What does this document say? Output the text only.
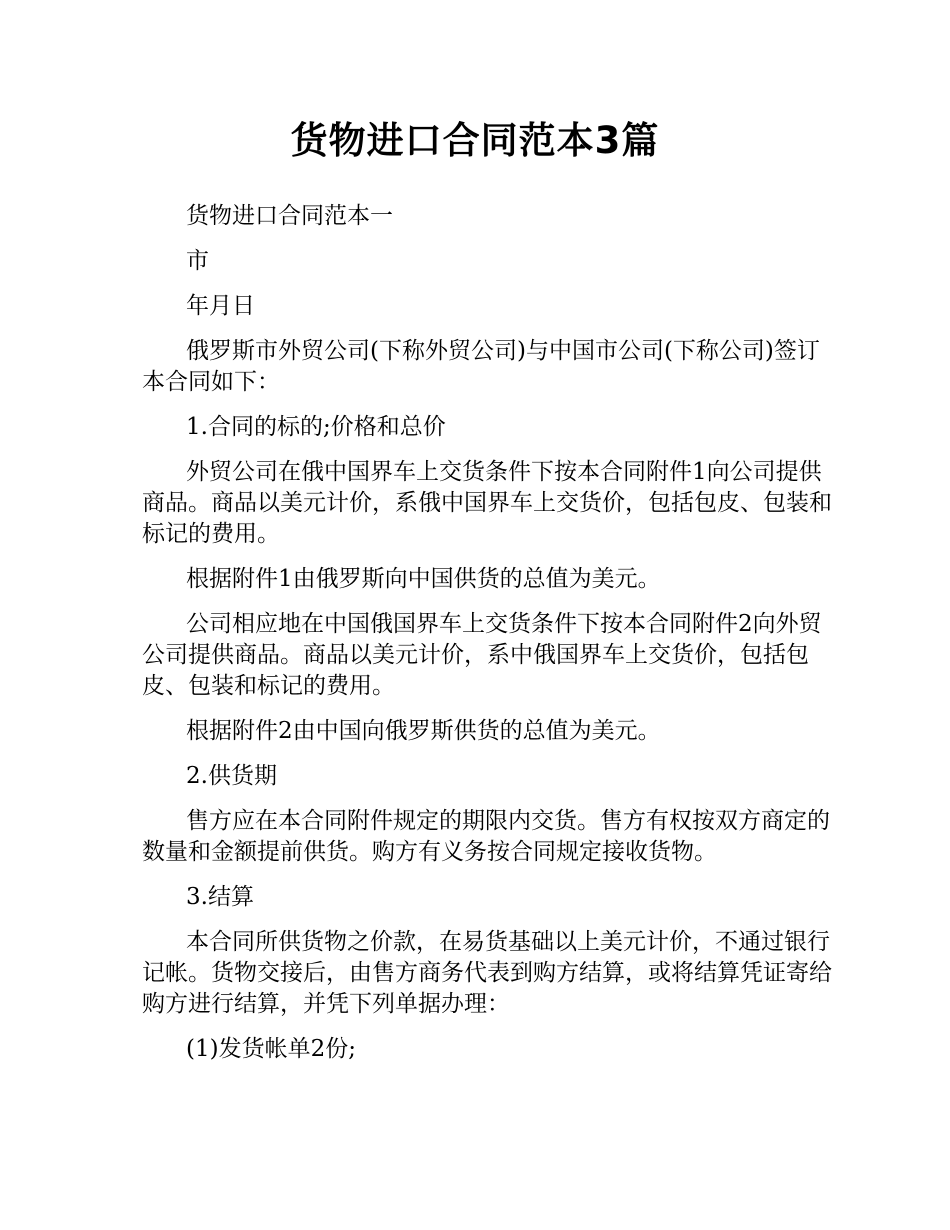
货物进口合同范本3篇

货物进口合同范本一

市

年月日

俄罗斯市外贸公司(下称外贸公司)与中国市公司(下称公司)签订本合同如下：

1.合同的标的;价格和总价

外贸公司在俄中国界车上交货条件下按本合同附件1向公司提供商品。商品以美元计价，系俄中国界车上交货价，包括包皮、包装和标记的费用。

根据附件1由俄罗斯向中国供货的总值为美元。

公司相应地在中国俄国界车上交货条件下按本合同附件2向外贸公司提供商品。商品以美元计价，系中俄国界车上交货价，包括包皮、包装和标记的费用。

根据附件2由中国向俄罗斯供货的总值为美元。

2.供货期

售方应在本合同附件规定的期限内交货。售方有权按双方商定的数量和金额提前供货。购方有义务按合同规定接收货物。

3.结算

本合同所供货物之价款，在易货基础以上美元计价，不通过银行记帐。货物交接后，由售方商务代表到购方结算，或将结算凭证寄给购方进行结算，并凭下列单据办理：

(1)发货帐单2份;
